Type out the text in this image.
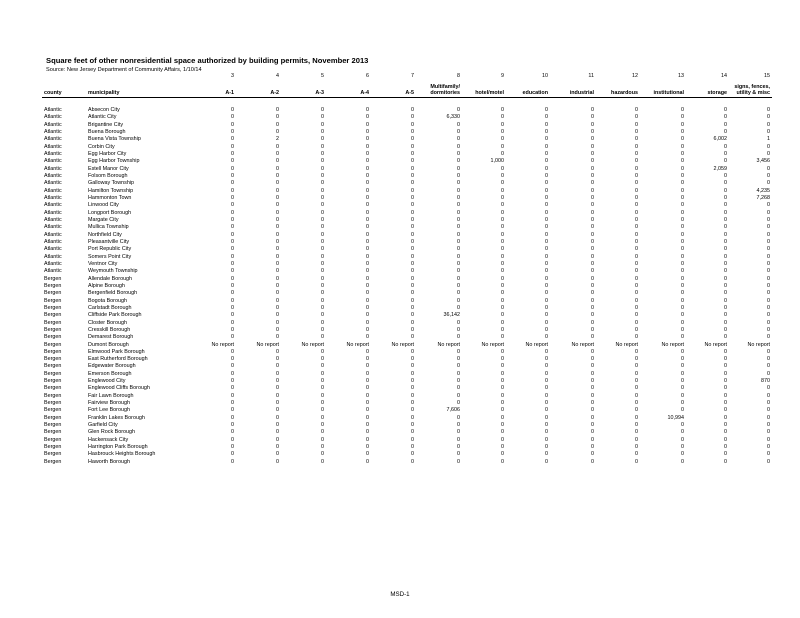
Square feet of other nonresidential space authorized by building permits, November 2013
Source: New Jersey Department of Community Affairs, 1/10/14
		3	4	5	6	7	8	9	10	11	12	13	14	15
county	municipality	A-1	A-2	A-3	A-4	A-5	Multifamily/
dormitories	hotel/motel	education	industrial	hazardous	institutional	storage	signs, fences,
utility & misc

Atlantic	Absecon City	0	0	0	0	0	0	0	0	0	0	0	0	0
Atlantic	Atlantic City	0	0	0	0	0	6,330	0	0	0	0	0	0	0
Atlantic	Brigantine City	0	0	0	0	0	0	0	0	0	0	0	0	0
Atlantic	Buena Borough	0	0	0	0	0	0	0	0	0	0	0	0	0
Atlantic	Buena Vista Township	0	2	0	0	0	0	0	0	0	0	0	6,002	1
Atlantic	Corbin City	0	0	0	0	0	0	0	0	0	0	0	0	0
Atlantic	Egg Harbor City	0	0	0	0	0	0	0	0	0	0	0	0	0
Atlantic	Egg Harbor Township	0	0	0	0	0	0	1,000	0	0	0	0	0	3,456
Atlantic	Estell Manor City	0	0	0	0	0	0	0	0	0	0	0	2,059	0
Atlantic	Folsom Borough	0	0	0	0	0	0	0	0	0	0	0	0	0
Atlantic	Galloway Township	0	0	0	0	0	0	0	0	0	0	0	0	0
Atlantic	Hamilton Township	0	0	0	0	0	0	0	0	0	0	0	0	4,235
Atlantic	Hammonton Town	0	0	0	0	0	0	0	0	0	0	0	0	7,268
Atlantic	Linwood City	0	0	0	0	0	0	0	0	0	0	0	0	0
Atlantic	Longport Borough	0	0	0	0	0	0	0	0	0	0	0	0	0
Atlantic	Margate City	0	0	0	0	0	0	0	0	0	0	0	0	0
Atlantic	Mullica Township	0	0	0	0	0	0	0	0	0	0	0	0	0
Atlantic	Northfield City	0	0	0	0	0	0	0	0	0	0	0	0	0
Atlantic	Pleasantville City	0	0	0	0	0	0	0	0	0	0	0	0	0
Atlantic	Port Republic City	0	0	0	0	0	0	0	0	0	0	0	0	0
Atlantic	Somers Point City	0	0	0	0	0	0	0	0	0	0	0	0	0
Atlantic	Ventnor City	0	0	0	0	0	0	0	0	0	0	0	0	0
Atlantic	Weymouth Township	0	0	0	0	0	0	0	0	0	0	0	0	0
Bergen	Allendale Borough	0	0	0	0	0	0	0	0	0	0	0	0	0
Bergen	Alpine Borough	0	0	0	0	0	0	0	0	0	0	0	0	0
Bergen	Bergenfield Borough	0	0	0	0	0	0	0	0	0	0	0	0	0
Bergen	Bogota Borough	0	0	0	0	0	0	0	0	0	0	0	0	0
Bergen	Carlstadt Borough	0	0	0	0	0	0	0	0	0	0	0	0	0
Bergen	Cliffside Park Borough	0	0	0	0	0	36,142	0	0	0	0	0	0	0
Bergen	Closter Borough	0	0	0	0	0	0	0	0	0	0	0	0	0
Bergen	Cresskill Borough	0	0	0	0	0	0	0	0	0	0	0	0	0
Bergen	Demarest Borough	0	0	0	0	0	0	0	0	0	0	0	0	0
Bergen	Dumont Borough	No report	No report	No report	No report	No report	No report	No report	No report	No report	No report	No report	No report	No report
Bergen	Elmwood Park Borough	0	0	0	0	0	0	0	0	0	0	0	0	0
Bergen	East Rutherford Borough	0	0	0	0	0	0	0	0	0	0	0	0	0
Bergen	Edgewater Borough	0	0	0	0	0	0	0	0	0	0	0	0	0
Bergen	Emerson Borough	0	0	0	0	0	0	0	0	0	0	0	0	0
Bergen	Englewood City	0	0	0	0	0	0	0	0	0	0	0	0	870
Bergen	Englewood Cliffs Borough	0	0	0	0	0	0	0	0	0	0	0	0	0
Bergen	Fair Lawn Borough	0	0	0	0	0	0	0	0	0	0	0	0	0
Bergen	Fairview Borough	0	0	0	0	0	0	0	0	0	0	0	0	0
Bergen	Fort Lee Borough	0	0	0	0	0	7,606	0	0	0	0	0	0	0
Bergen	Franklin Lakes Borough	0	0	0	0	0	0	0	0	0	0	10,994	0	0
Bergen	Garfield City	0	0	0	0	0	0	0	0	0	0	0	0	0
Bergen	Glen Rock Borough	0	0	0	0	0	0	0	0	0	0	0	0	0
Bergen	Hackensack City	0	0	0	0	0	0	0	0	0	0	0	0	0
Bergen	Harrington Park Borough	0	0	0	0	0	0	0	0	0	0	0	0	0
Bergen	Hasbrouck Heights Borough	0	0	0	0	0	0	0	0	0	0	0	0	0
Bergen	Haworth Borough	0	0	0	0	0	0	0	0	0	0	0	0	0
MSD-1
